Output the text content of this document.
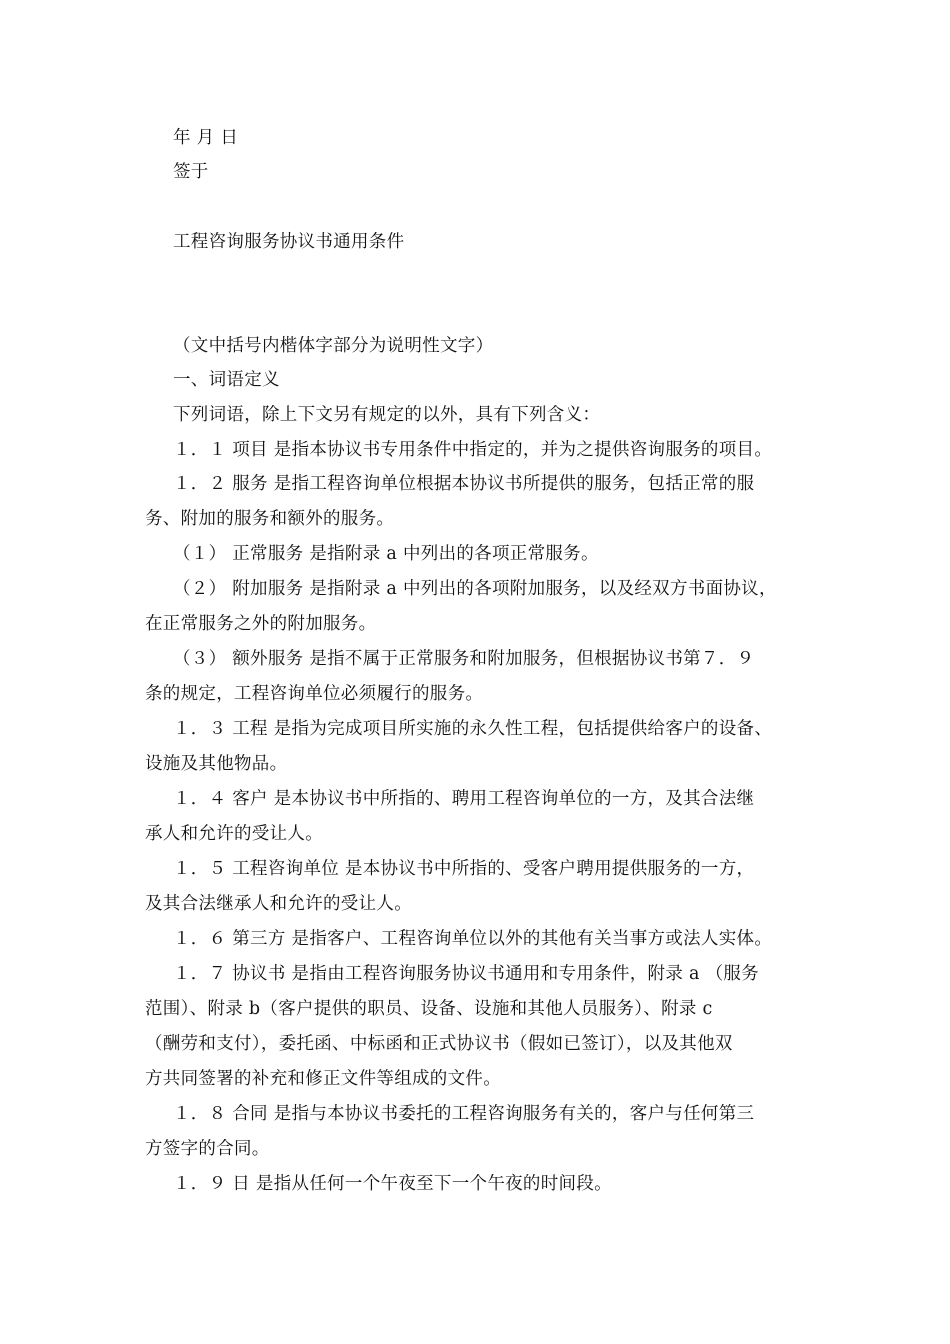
年 月 日
签于
工程咨询服务协议书通用条件
（文中括号内楷体字部分为说明性文字）
一、词语定义
下列词语，除上下文另有规定的以外，具有下列含义：
１．１ 项目 是指本协议书专用条件中指定的，并为之提供咨询服务的项目。
１．２ 服务 是指工程咨询单位根据本协议书所提供的服务，包括正常的服
务、附加的服务和额外的服务。
（１） 正常服务 是指附录 a 中列出的各项正常服务。
（２） 附加服务 是指附录 a 中列出的各项附加服务，以及经双方书面协议，
在正常服务之外的附加服务。
（３） 额外服务 是指不属于正常服务和附加服务，但根据协议书第７．９
条的规定，工程咨询单位必须履行的服务。
１．３ 工程 是指为完成项目所实施的永久性工程，包括提供给客户的设备、
设施及其他物品。
１．４ 客户 是本协议书中所指的、聘用工程咨询单位的一方，及其合法继
承人和允许的受让人。
１．５ 工程咨询单位 是本协议书中所指的、受客户聘用提供服务的一方，
及其合法继承人和允许的受让人。
１．６ 第三方 是指客户、工程咨询单位以外的其他有关当事方或法人实体。
１．７ 协议书 是指由工程咨询服务协议书通用和专用条件，附录 a （服务
范围）、附录 b（客户提供的职员、设备、设施和其他人员服务）、附录 c
（酬劳和支付），委托函、中标函和正式协议书（假如已签订），以及其他双
方共同签署的补充和修正文件等组成的文件。
１．８ 合同 是指与本协议书委托的工程咨询服务有关的，客户与任何第三
方签字的合同。
１．９ 日 是指从任何一个午夜至下一个午夜的时间段。
